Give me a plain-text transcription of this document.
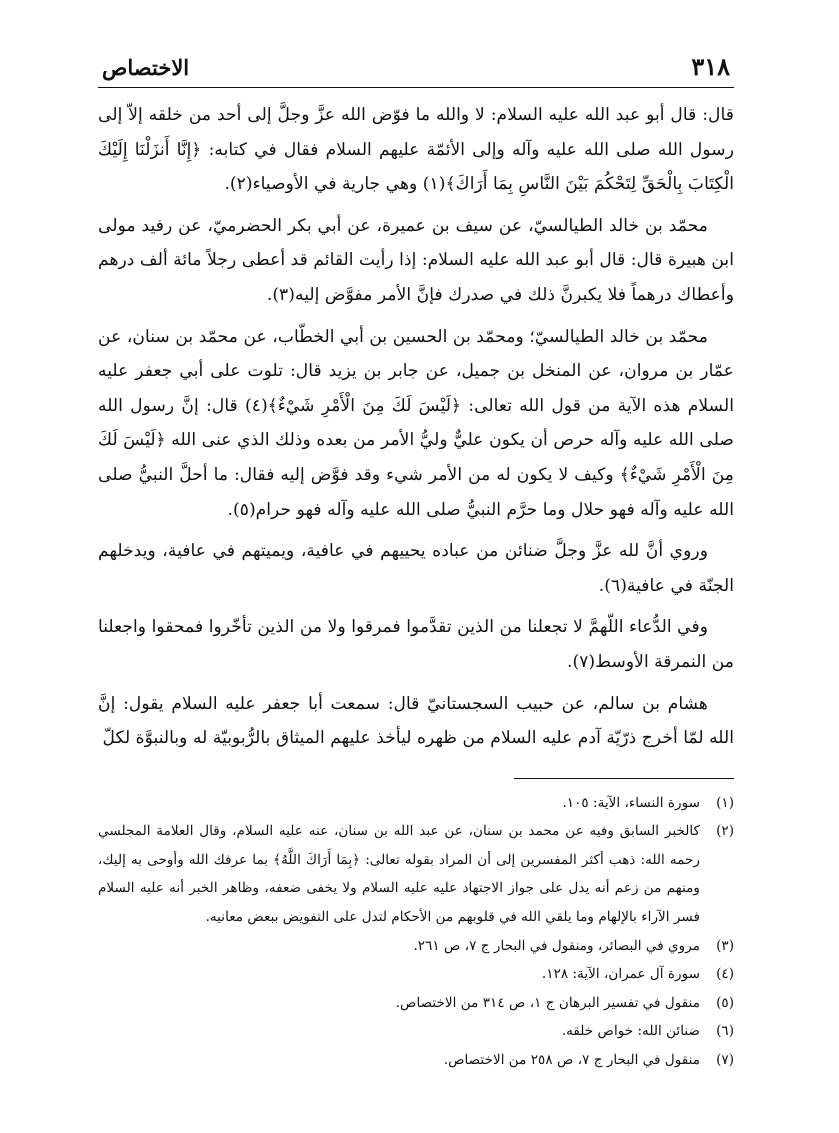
٣١٨
الاختصاص

قال: قال أبو عبد الله عليه السلام: لا والله ما فوّض الله عزَّ وجلَّ إلى أحد من خلقه إلاّ إلى رسول الله صلى الله عليه وآله وإلى الأئمّة عليهم السلام فقال في كتابه: ﴿إِنَّا أَنزَلْنَا إِلَيْكَ الْكِتَابَ بِالْحَقِّ لِتَحْكُمَ بَيْنَ النَّاسِ بِمَا أَرَاكَ﴾(١) وهي جارية في الأوصياء(٢).

محمّد بن خالد الطيالسيّ، عن سيف بن عميرة، عن أبي بكر الحضرميّ، عن رفيد مولى ابن هبيرة قال: قال أبو عبد الله عليه السلام: إذا رأيت القائم قد أعطى رجلاً مائة ألف درهم وأعطاك درهماً فلا يكبرنَّ ذلك في صدرك فإنَّ الأمر مفوَّض إليه(٣).

محمّد بن خالد الطيالسيّ؛ ومحمّد بن الحسين بن أبي الخطّاب، عن محمّد بن سنان، عن عمّار بن مروان، عن المنخل بن جميل، عن جابر بن يزيد قال: تلوت على أبي جعفر عليه السلام هذه الآية من قول الله تعالى: ﴿لَيْسَ لَكَ مِنَ الْأَمْرِ شَيْءٌ﴾(٤) قال: إنَّ رسول الله صلى الله عليه وآله حرص أن يكون عليٌّ وليُّ الأمر من بعده وذلك الذي عنى الله ﴿لَيْسَ لَكَ مِنَ الْأَمْرِ شَيْءٌ﴾ وكيف لا يكون له من الأمر شيء وقد فوَّض إليه فقال: ما أحلَّ النبيُّ صلى الله عليه وآله فهو حلال وما حرَّم النبيُّ صلى الله عليه وآله فهو حرام(٥).

وروي أنَّ لله عزَّ وجلَّ ضنائن من عباده يحييهم في عافية، ويميتهم في عافية، ويدخلهم الجنّة في عافية(٦).

وفي الدُّعاء اللّهمَّ لا تجعلنا من الذين تقدَّموا فمرقوا ولا من الذين تأخّروا فمحقوا واجعلنا من النمرقة الأوسط(٧).

هشام بن سالم، عن حبيب السجستانيّ قال: سمعت أبا جعفر عليه السلام يقول: إنَّ الله لمّا أخرج ذرّيّة آدم عليه السلام من ظهره ليأخذ عليهم الميثاق بالرُّبوبيّة له وبالنبوَّة لكلّ

(١)
سورة النساء، الآية: ١٠٥.
(٢)
كالخبر السابق وفيه عن محمد بن سنان، عن عبد الله بن سنان، عنه عليه السلام، وقال العلامة المجلسي رحمه الله: ذهب أكثر المفسرين إلى أن المراد بقوله تعالى: ﴿بِمَا أَرَاكَ اللَّهُ﴾ بما عرفك الله وأوحى به إليك، ومنهم من زعم أنه يدل على جواز الاجتهاد عليه عليه السلام ولا يخفى ضعفه، وظاهر الخبر أنه عليه السلام فسر الآراء بالإلهام وما يلقي الله في قلوبهم من الأحكام لتدل على التفويض ببعض معانيه.
(٣)
مروي في البصائر، ومنقول في البحار ج ٧، ص ٢٦١.
(٤)
سورة آل عمران، الآية: ١٢٨.
(٥)
منقول في تفسير البرهان ج ١، ص ٣١٤ من الاختصاص.
(٦)
ضنائن الله: خواص خلقه.
(٧)
منقول في البحار ج ٧، ص ٢٥٨ من الاختصاص.
